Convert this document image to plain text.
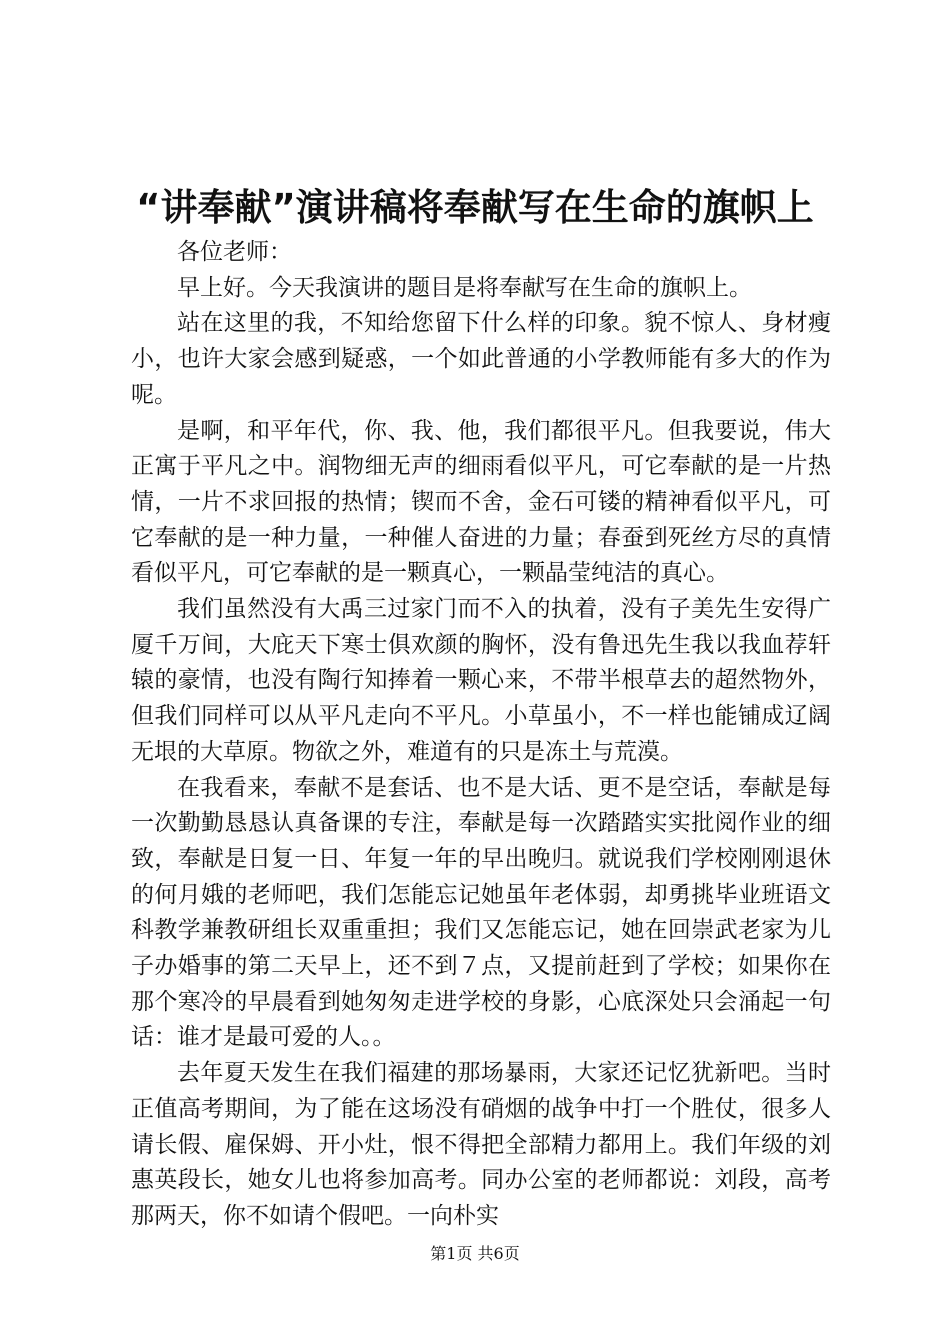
“讲奉献”演讲稿将奉献写在生命的旗帜上

各位老师：

早上好。今天我演讲的题目是将奉献写在生命的旗帜上。

站在这里的我，不知给您留下什么样的印象。貌不惊人、身材瘦小，也许大家会感到疑惑，一个如此普通的小学教师能有多大的作为呢。

是啊，和平年代，你、我、他，我们都很平凡。但我要说，伟大正寓于平凡之中。润物细无声的细雨看似平凡，可它奉献的是一片热情，一片不求回报的热情；锲而不舍，金石可镂的精神看似平凡，可它奉献的是一种力量，一种催人奋进的力量；春蚕到死丝方尽的真情看似平凡，可它奉献的是一颗真心，一颗晶莹纯洁的真心。

我们虽然没有大禹三过家门而不入的执着，没有子美先生安得广厦千万间，大庇天下寒士俱欢颜的胸怀，没有鲁迅先生我以我血荐轩辕的豪情，也没有陶行知捧着一颗心来，不带半根草去的超然物外，但我们同样可以从平凡走向不平凡。小草虽小，不一样也能铺成辽阔无垠的大草原。物欲之外，难道有的只是冻土与荒漠。

在我看来，奉献不是套话、也不是大话、更不是空话，奉献是每一次勤勤恳恳认真备课的专注，奉献是每一次踏踏实实批阅作业的细致，奉献是日复一日、年复一年的早出晚归。就说我们学校刚刚退休的何月娥的老师吧，我们怎能忘记她虽年老体弱，却勇挑毕业班语文科教学兼教研组长双重重担；我们又怎能忘记，她在回崇武老家为儿子办婚事的第二天早上，还不到７点，又提前赶到了学校；如果你在那个寒冷的早晨看到她匆匆走进学校的身影，心底深处只会涌起一句话：谁才是最可爱的人。。

去年夏天发生在我们福建的那场暴雨，大家还记忆犹新吧。当时正值高考期间，为了能在这场没有硝烟的战争中打一个胜仗，很多人请长假、雇保姆、开小灶，恨不得把全部精力都用上。我们年级的刘惠英段长，她女儿也将参加高考。同办公室的老师都说：刘段，高考那两天，你不如请个假吧。一向朴实

第1页 共6页
